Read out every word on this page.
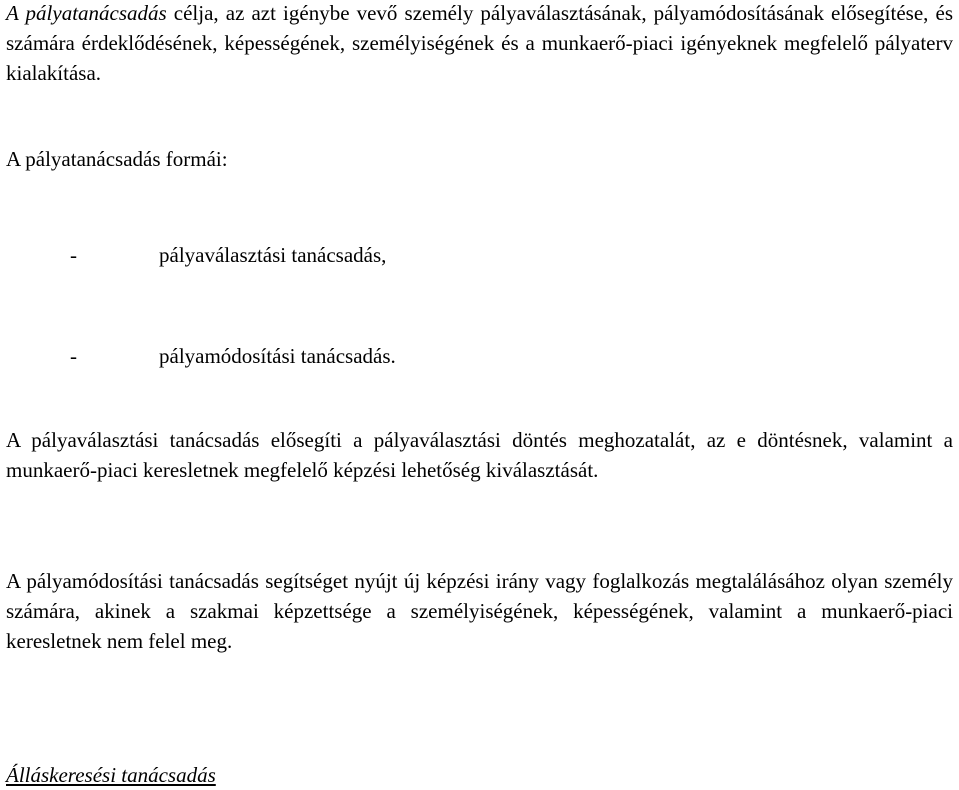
A pályatanácsadás célja, az azt igénybe vevő személy pályaválasztásának, pályamódosításának elősegítése, és számára érdeklődésének, képességének, személyiségének és a munkaerő-piaci igényeknek megfelelő pályaterv kialakítása.

A pályatanácsadás formái:

-	pályaválasztási tanácsadás,
-	pályamódosítási tanácsadás.

A pályaválasztási tanácsadás elősegíti a pályaválasztási döntés meghozatalát, az e döntésnek, valamint a munkaerő-piaci keresletnek megfelelő képzési lehetőség kiválasztását.

A pályamódosítási tanácsadás segítséget nyújt új képzési irány vagy foglalkozás megtalálásához olyan személy számára, akinek a szakmai képzettsége a személyiségének, képességének, valamint a munkaerő-piaci keresletnek nem felel meg.

Álláskeresési tanácsadás
